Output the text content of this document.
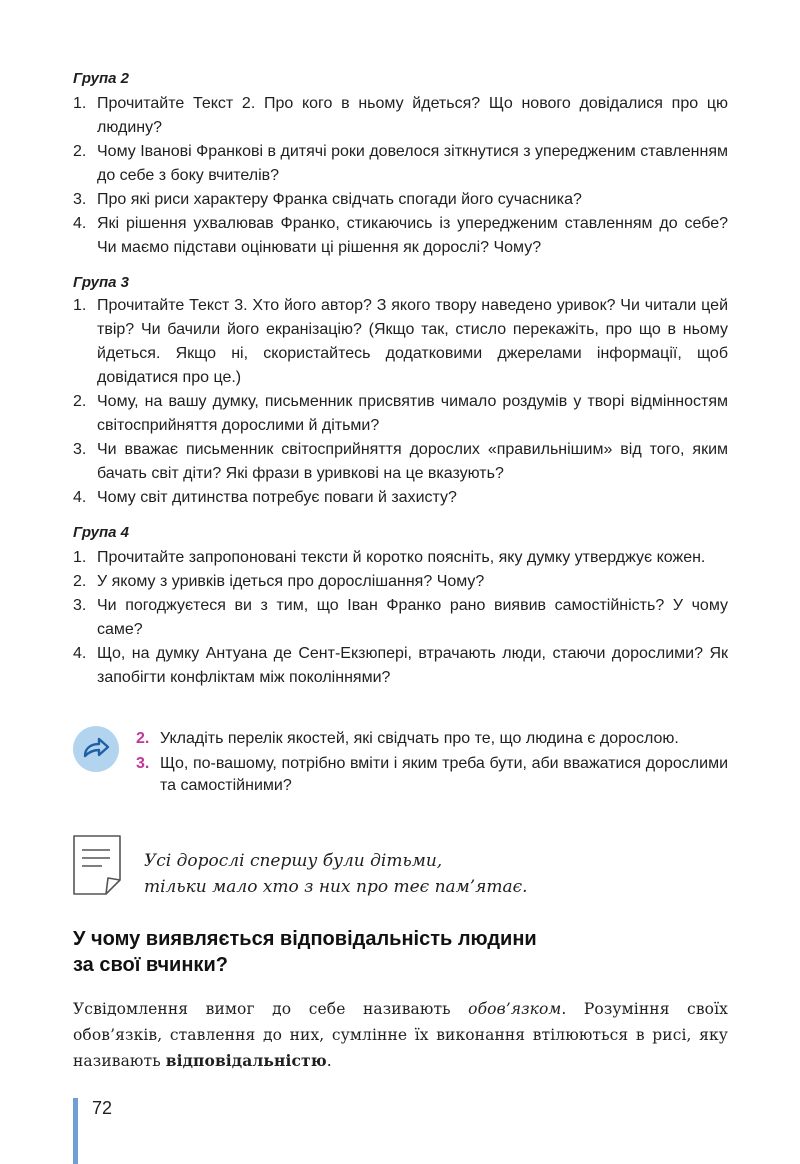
Група 2
1. Прочитайте Текст 2. Про кого в ньому йдеться? Що нового довідалися про цю людину?
2. Чому Іванові Франкові в дитячі роки довелося зіткнутися з упередженим ставленням до себе з боку вчителів?
3. Про які риси характеру Франка свідчать спогади його сучасника?
4. Які рішення ухвалював Франко, стикаючись із упередженим ставленням до себе? Чи маємо підстави оцінювати ці рішення як дорослі? Чому?
Група 3
1. Прочитайте Текст 3. Хто його автор? З якого твору наведено уривок? Чи читали цей твір? Чи бачили його екранізацію? (Якщо так, стисло перекажіть, про що в ньому йдеться. Якщо ні, скористайтесь додатковими джерелами інформації, щоб довідатися про це.)
2. Чому, на вашу думку, письменник присвятив чимало роздумів у творі відмінностям світосприйняття дорослими й дітьми?
3. Чи вважає письменник світосприйняття дорослих «правильнішим» від того, яким бачать світ діти? Які фрази в уривкові на це вказують?
4. Чому світ дитинства потребує поваги й захисту?
Група 4
1. Прочитайте запропоновані тексти й коротко поясніть, яку думку утверджує кожен.
2. У якому з уривків ідеться про дорослішання? Чому?
3. Чи погоджуєтеся ви з тим, що Іван Франко рано виявив самостійність? У чому саме?
4. Що, на думку Антуана де Сент-Екзюпері, втрачають люди, стаючи дорослими? Як запобігти конфліктам між поколіннями?
2. Укладіть перелік якостей, які свідчать про те, що людина є дорослою.
3. Що, по-вашому, потрібно вміти і яким треба бути, аби вважатися дорослими та самостійними?
Усі дорослі спершу були дітьми,
тільки мало хто з них про теє пам’ятає.
У чому виявляється відповідальність людини
за свої вчинки?

Усвідомлення вимог до себе називають обов’язком. Розуміння своїх обов’язків, ставлення до них, сумлінне їх виконання втілюються в рисі, яку називають відповідальністю.

72
